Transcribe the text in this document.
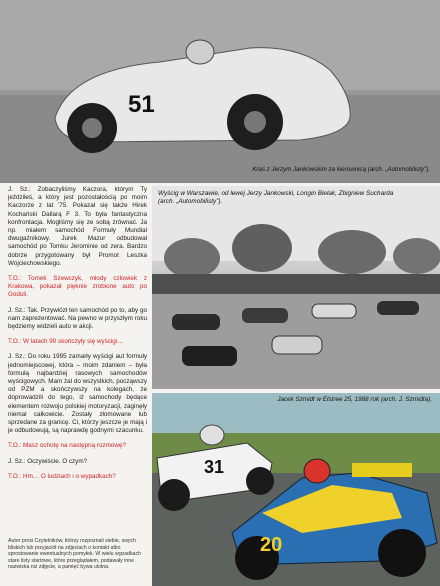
51
Kraś z Jerzym Jankowskim za kierownicą (arch. „Automobilisty”).

J. Sz.: Zobaczyliśmy Kaczora, którym Ty jeździłeś, a który jest pozostałością po moim Kaczorze z lat '75. Pokazał się także Hirek Kochański Dallarą F 3. To była fantastyczna konfrontacja. Mogliśmy się ze sobą zrównać. Ja np. miałem samochód Formuły Mundial dwugaźnikowy. Jurek Mazur odbudował samochód po Tomku Jerominie od zera. Bardzo dobrze przygotowany był Promot Leszka Wojciechowskiego.

T.O.: Tomek Szewczyk, młody człowiek z Krakowa, pokazał pięknie zrobione auto po Goduli.

J. Sz.: Tak. Przywiózł ten samochód po to, aby go nam zaprezentować. Na pewno w przyszłym roku będziemy widzieli auto w akcji.

T.O.: W latach 90 skończyły się wyścigi…

J. Sz.: Do roku 1995 zamarły wyścigi aut formuły jednomiejscowej, która – moim zdaniem – była formułą najbardziej rasowych samochodów wyścigowych. Mam żal do wszystkich, począwszy od PZM a skończywszy na kolegach, że doprowadzili do tego, iż samochody będące elementem rozwoju polskiej motoryzacji, zaginęły niemal całkowicie. Zostały złomowane lub sprzedane za granicę. Ci, którzy jeszcze je mają i je odbudowują, są naprawdę godnymi szacunku.

T.O.: Masz ochotę na następną rozmowę?

J. Sz.: Oczywiście. O czym?

T.O.: Hm… O ludziach i o wypadkach?

Autor prosi Czytelników, którzy rozpoznali siebie, swych bliskich lub przyjaciół na zdjęciach o kontakt albo sprostowanie ewentualnych pomyłek. W wielu wypadkach stare listy startowe, które przeglądałem, podawały inne nazwiska niż zdjęcie, a pamięć bywa ulotna.
Wyścig w Warszawie, od lewej Jerzy Jankowski, Longin Bielak, Zbigniew Sucharda (arch. „Automobilisty”).
31
20
Jacek Szmidt w Elstree 25, 1988 rok (arch. J. Szmidta).
